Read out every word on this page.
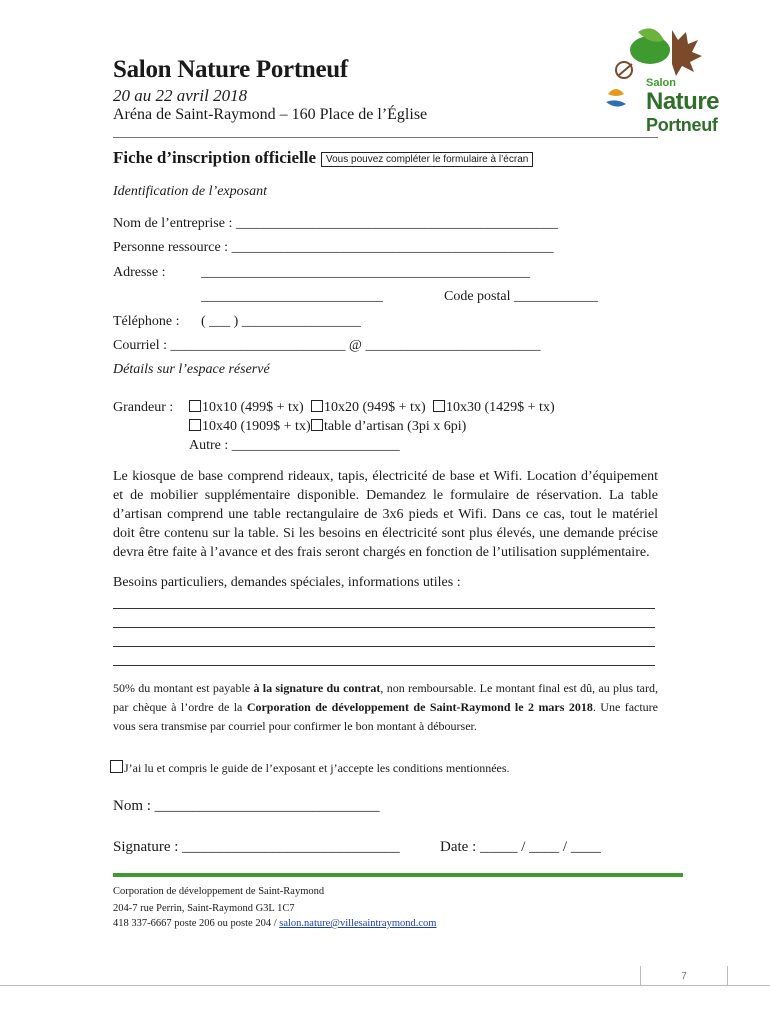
Salon Nature Portneuf
20 au 22 avril 2018
Aréna de Saint-Raymond – 160 Place de l’Église
Salon
Nature
Portneuf
Fiche d’inscription officielle Vous pouvez compléter le formulaire à l’écran
Identification de l’exposant
Nom de l’entreprise : ______________________________________________
Personne ressource : ______________________________________________
Adresse :	_______________________________________________
__________________________	Code postal ____________
Téléphone : ( ___ ) _________________
Courriel : _________________________ @ _________________________
Détails sur l’espace réservé
Grandeur :	10x10 (499$ + tx)	10x20 (949$ + tx)	10x30 (1429$ + tx)
10x40 (1909$ + tx) table d’artisan (3pi x 6pi)
Autre : ________________________
Le kiosque de base comprend rideaux, tapis, électricité de base et Wifi. Location d’équipement et de mobilier supplémentaire disponible. Demandez le formulaire de réservation. La table d’artisan comprend une table rectangulaire de 3x6 pieds et Wifi. Dans ce cas, tout le matériel doit être contenu sur la table. Si les besoins en électricité sont plus élevés, une demande précise devra être faite à l’avance et des frais seront chargés en fonction de l’utilisation supplémentaire.
Besoins particuliers, demandes spéciales, informations utiles :
50% du montant est payable à la signature du contrat, non remboursable. Le montant final est dû, au plus tard, par chèque à l’ordre de la Corporation de développement de Saint-Raymond le 2 mars 2018. Une facture vous sera transmise par courriel pour confirmer le bon montant à débourser.
J’ai lu et compris le guide de l’exposant et j’accepte les conditions mentionnées.
Nom : ______________________________
Signature : _____________________________	Date : _____ / ____ / ____
Corporation de développement de Saint-Raymond
204-7 rue Perrin, Saint-Raymond G3L 1C7
418 337-6667 poste 206 ou poste 204 / salon.nature@villesaintraymond.com
7
